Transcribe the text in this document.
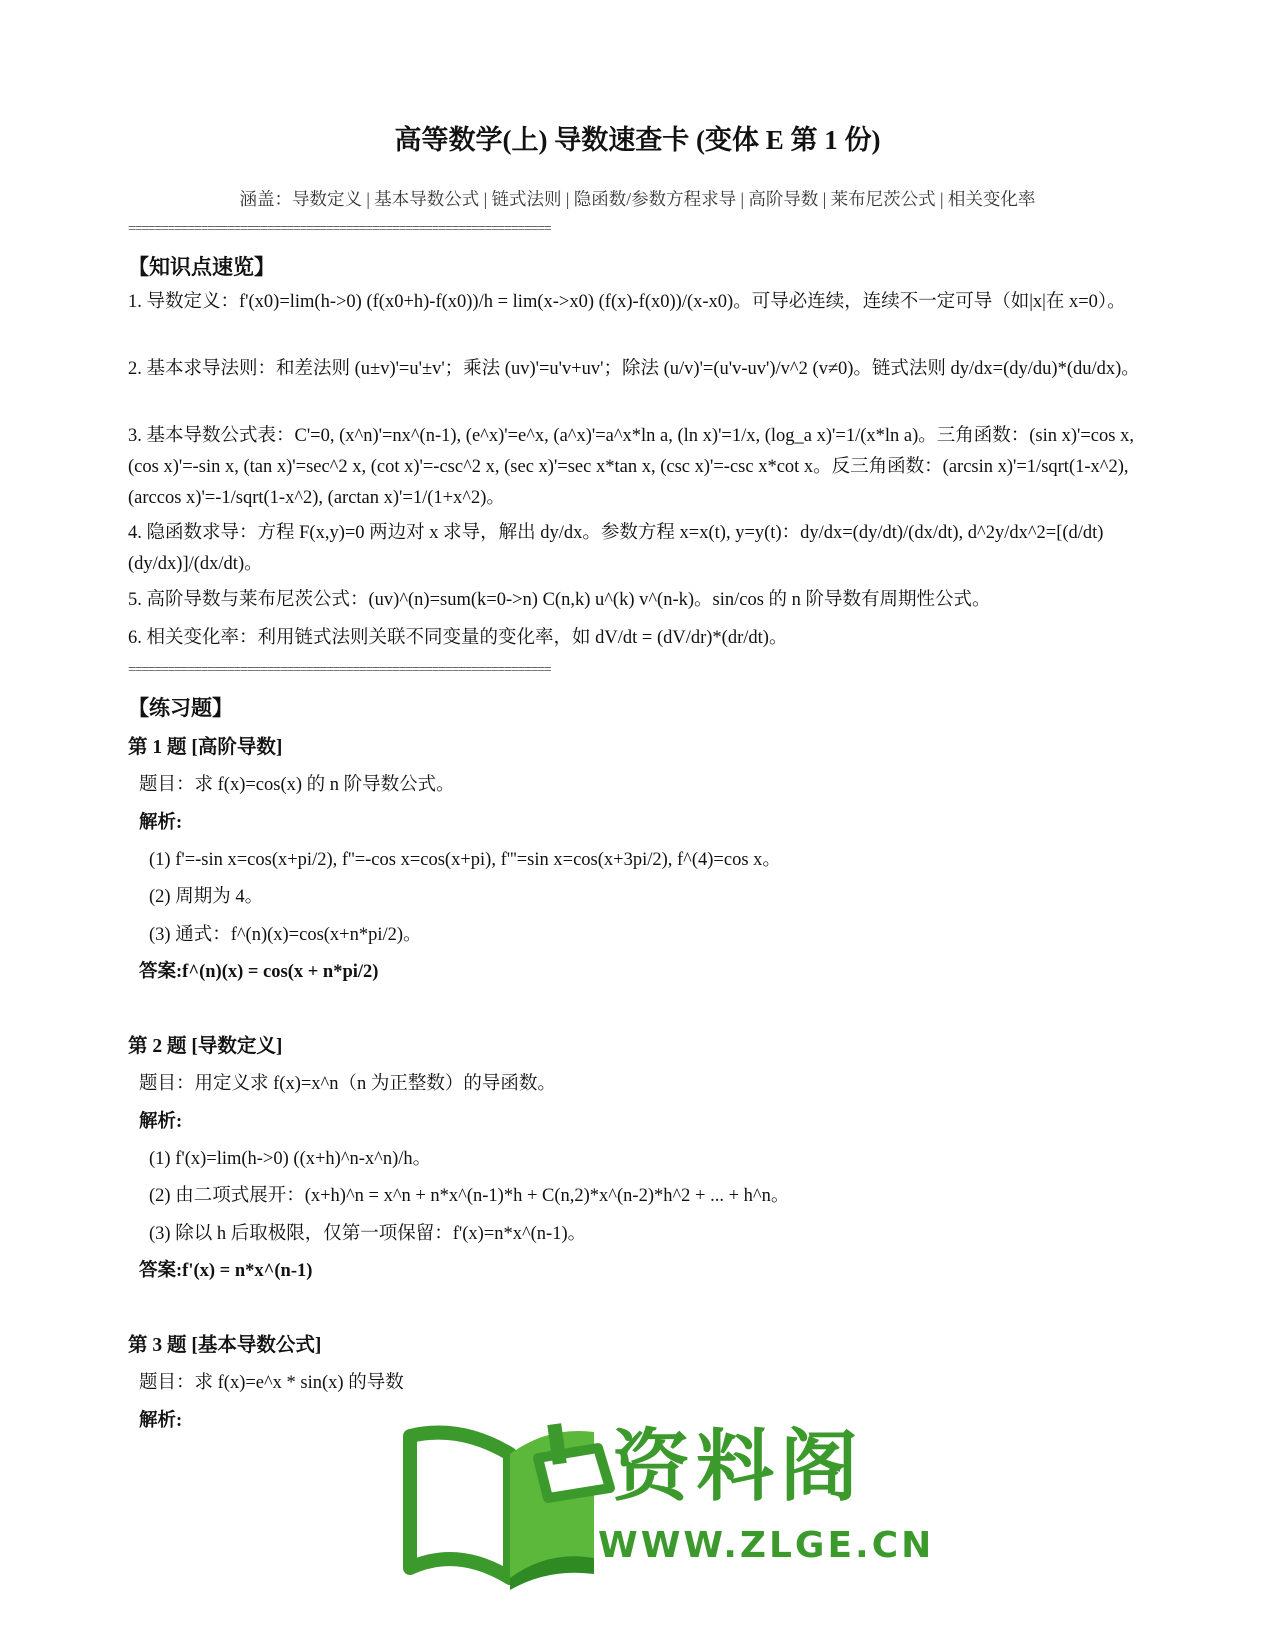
高等数学(上) 导数速查卡 (变体 E 第 1 份)

涵盖：导数定义 | 基本导数公式 | 链式法则 | 隐函数/参数方程求导 | 高阶导数 | 莱布尼茨公式 | 相关变化率

================================================================
【知识点速览】

1. 导数定义：f'(x0)=lim(h->0) (f(x0+h)-f(x0))/h = lim(x->x0) (f(x)-f(x0))/(x-x0)。可导必连续，连续不一定可导（如|x|在 x=0）。

2. 基本求导法则：和差法则 (u±v)'=u'±v'；乘法 (uv)'=u'v+uv'；除法 (u/v)'=(u'v-uv')/v^2 (v≠0)。链式法则 dy/dx=(dy/du)*(du/dx)。

3. 基本导数公式表：C'=0, (x^n)'=nx^(n-1), (e^x)'=e^x, (a^x)'=a^x*ln a, (ln x)'=1/x, (log_a x)'=1/(x*ln a)。三角函数：(sin x)'=cos x, (cos x)'=-sin x, (tan x)'=sec^2 x, (cot x)'=-csc^2 x, (sec x)'=sec x*tan x, (csc x)'=-csc x*cot x。反三角函数：(arcsin x)'=1/sqrt(1-x^2), (arccos x)'=-1/sqrt(1-x^2), (arctan x)'=1/(1+x^2)。

4. 隐函数求导：方程 F(x,y)=0 两边对 x 求导，解出 dy/dx。参数方程 x=x(t), y=y(t)：dy/dx=(dy/dt)/(dx/dt), d^2y/dx^2=[(d/dt)(dy/dx)]/(dx/dt)。

5. 高阶导数与莱布尼茨公式：(uv)^(n)=sum(k=0->n) C(n,k) u^(k) v^(n-k)。sin/cos 的 n 阶导数有周期性公式。

6. 相关变化率：利用链式法则关联不同变量的变化率，如 dV/dt = (dV/dr)*(dr/dt)。

================================================================
【练习题】

第 1 题 [高阶导数]

题目：求 f(x)=cos(x) 的 n 阶导数公式。

解析:

(1) f'=-sin x=cos(x+pi/2), f''=-cos x=cos(x+pi), f'''=sin x=cos(x+3pi/2), f^(4)=cos x。

(2) 周期为 4。

(3) 通式：f^(n)(x)=cos(x+n*pi/2)。

答案:f^(n)(x) = cos(x + n*pi/2)

第 2 题 [导数定义]

题目：用定义求 f(x)=x^n（n 为正整数）的导函数。

解析:

(1) f'(x)=lim(h->0) ((x+h)^n-x^n)/h。

(2) 由二项式展开：(x+h)^n = x^n + n*x^(n-1)*h + C(n,2)*x^(n-2)*h^2 + ... + h^n。

(3) 除以 h 后取极限，仅第一项保留：f'(x)=n*x^(n-1)。

答案:f'(x) = n*x^(n-1)

第 3 题 [基本导数公式]

题目：求 f(x)=e^x * sin(x) 的导数

解析:

资料阁
WWW.ZLGE.CN
